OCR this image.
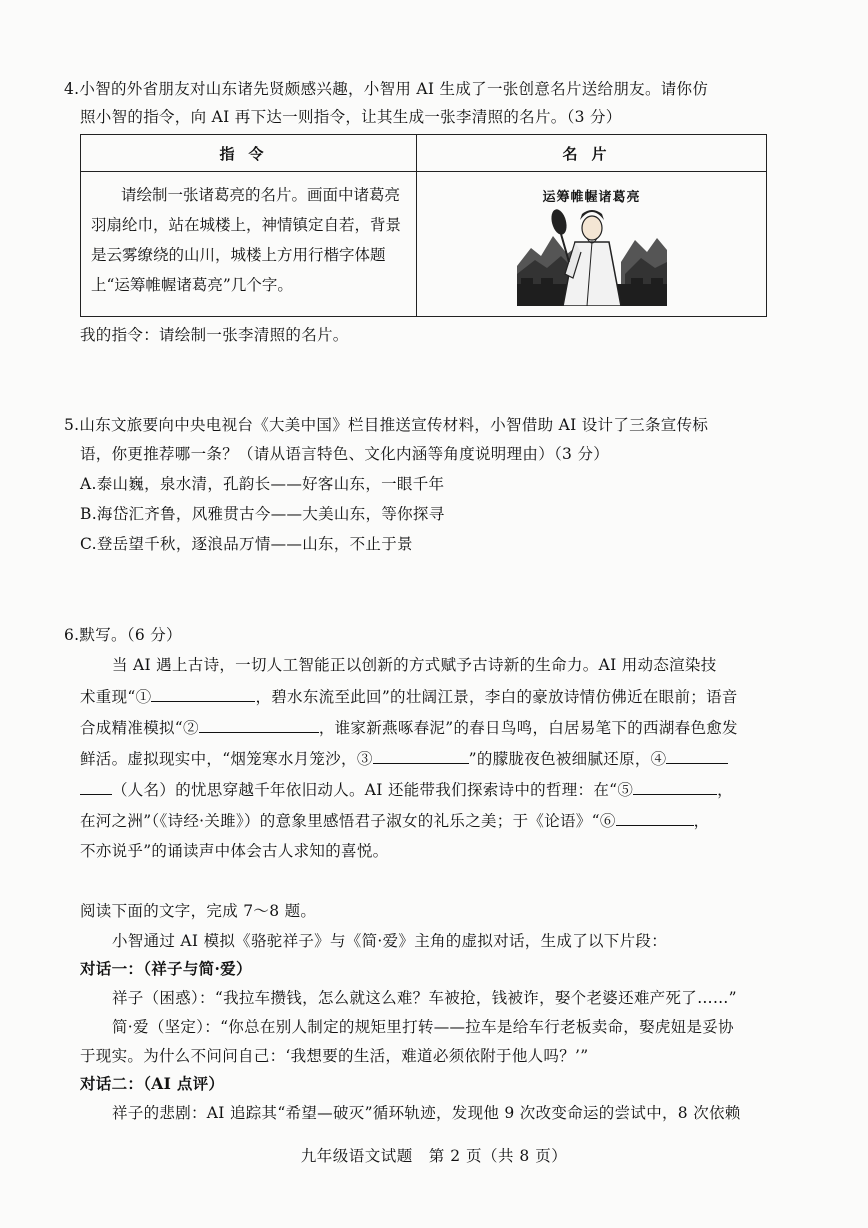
4.小智的外省朋友对山东诸先贤颇感兴趣，小智用 AI 生成了一张创意名片送给朋友。请你仿
照小智的指令，向 AI 再下达一则指令，让其生成一张李清照的名片。（3 分）
指令	名片
请绘制一张诸葛亮的名片。画面中诸葛亮羽扇纶巾，站在城楼上，神情镇定自若，背景是云雾缭绕的山川，城楼上方用行楷字体题上“运筹帷幄诸葛亮”几个字。	运筹帷幄诸葛亮
我的指令：请绘制一张李清照的名片。
5.山东文旅要向中央电视台《大美中国》栏目推送宣传材料，小智借助 AI 设计了三条宣传标
语，你更推荐哪一条？（请从语言特色、文化内涵等角度说明理由）（3 分）
A.泰山巍，泉水清，孔韵长——好客山东，一眼千年
B.海岱汇齐鲁，风雅贯古今——大美山东，等你探寻
C.登岳望千秋，逐浪品万情——山东，不止于景
6.默写。（6 分）
当 AI 遇上古诗，一切人工智能正以创新的方式赋予古诗新的生命力。AI 用动态渲染技
术重现“①	，碧水东流至此回”的壮阔江景，李白的豪放诗情仿佛近在眼前；语音
合成精准模拟“②	，谁家新燕啄春泥”的春日鸟鸣，白居易笔下的西湖春色愈发
鲜活。虚拟现实中，“烟笼寒水月笼沙，③	”的朦胧夜色被细腻还原，④
（人名）的忧思穿越千年依旧动人。AI 还能带我们探索诗中的哲理：在“⑤	，
在河之洲”（《诗经·关雎》）的意象里感悟君子淑女的礼乐之美；于《论语》“⑥	，
不亦说乎”的诵读声中体会古人求知的喜悦。
阅读下面的文字，完成 7～8 题。
小智通过 AI 模拟《骆驼祥子》与《简·爱》主角的虚拟对话，生成了以下片段：
对话一：（祥子与简·爱）
祥子（困惑）：“我拉车攒钱，怎么就这么难？车被抢，钱被诈，娶个老婆还难产死了……”
简·爱（坚定）：“你总在别人制定的规矩里打转——拉车是给车行老板卖命，娶虎妞是妥协
于现实。为什么不问问自己：‘我想要的生活，难道必须依附于他人吗？’”
对话二：（AI 点评）
祥子的悲剧：AI 追踪其“希望—破灭”循环轨迹，发现他 9 次改变命运的尝试中，8 次依赖
九年级语文试题　第 2 页（共 8 页）
